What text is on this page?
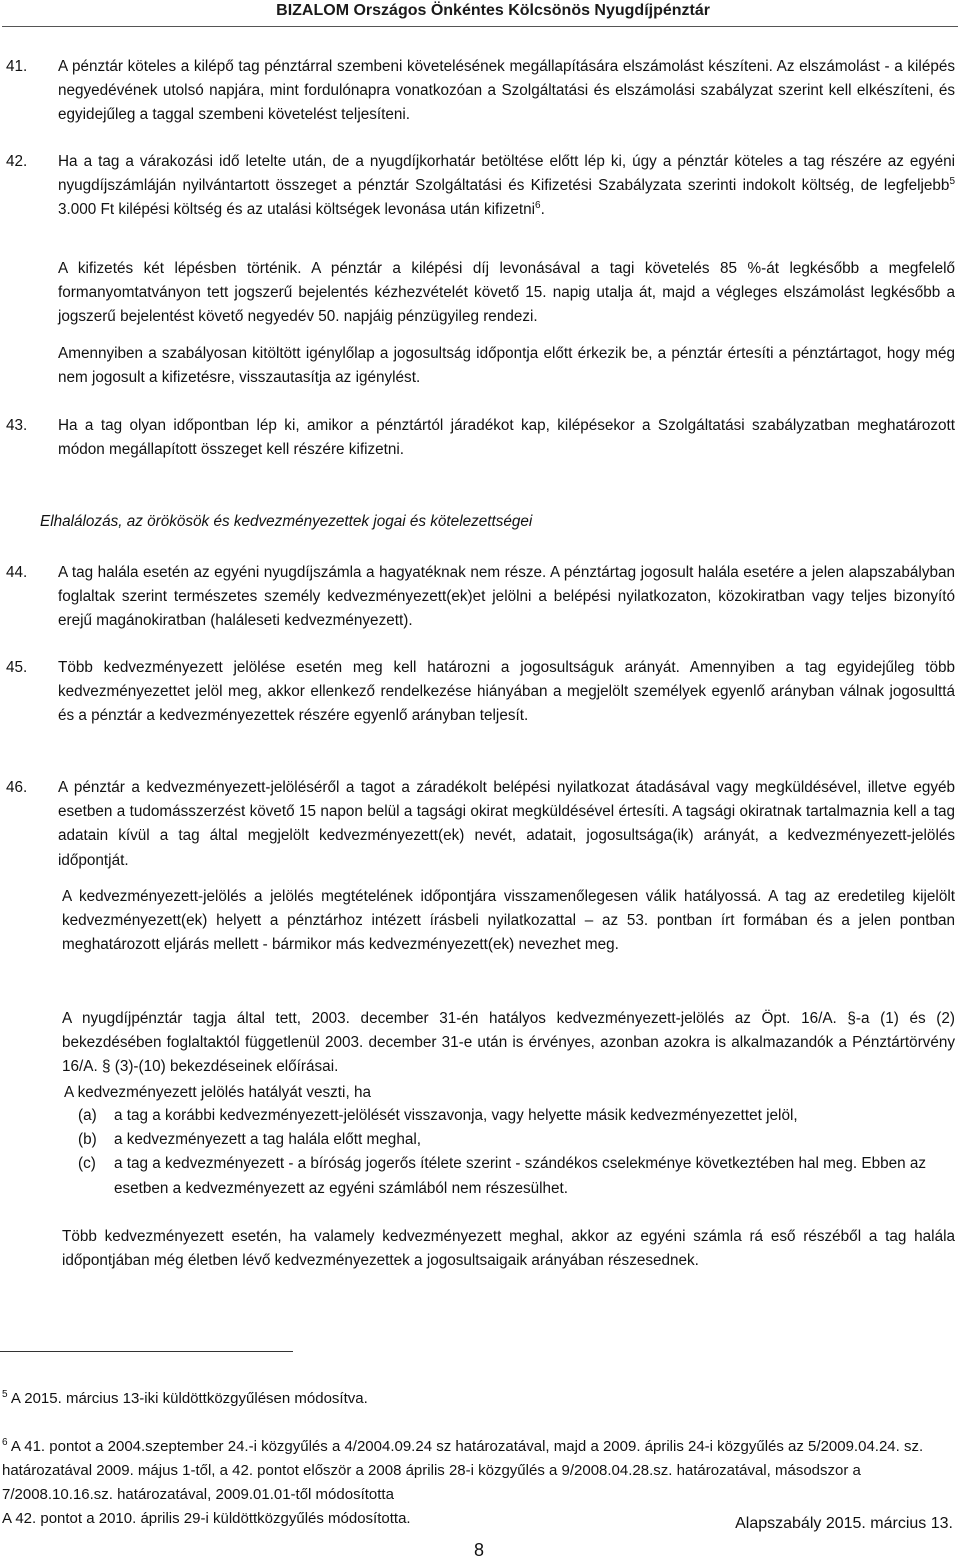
BIZALOM Országos Önkéntes Kölcsönös Nyugdíjpénztár
41. A pénztár köteles a kilépő tag pénztárral szembeni követelésének megállapítására elszámolást készíteni. Az elszámolást - a kilépés negyedévének utolsó napjára, mint fordulónapra vonatkozóan a Szolgáltatási és elszámolási szabályzat szerint kell elkészíteni, és egyidejűleg a taggal szembeni követelést teljesíteni.
42. Ha a tag a várakozási idő letelte után, de a nyugdíjkorhatár betöltése előtt lép ki, úgy a pénztár köteles a tag részére az egyéni nyugdíjszámláján nyilvántartott összeget a pénztár Szolgáltatási és Kifizetési Szabályzata szerinti indokolt költség, de legfeljebb$^5$ 3.000 Ft kilépési költség és az utalási költségek levonása után kifizetni$^6$.

A kifizetés két lépésben történik. A pénztár a kilépési díj levonásával a tagi követelés 85 %-át legkésőbb a megfelelő formanyomtatványon tett jogszerű bejelentés kézhezvételét követő 15. napig utalja át, majd a végleges elszámolást legkésőbb a jogszerű bejelentést követő negyedév 50. napjáig pénzügyileg rendezi.

Amennyiben a szabályosan kitöltött igénylőlap a jogosultság időpontja előtt érkezik be, a pénztár értesíti a pénztártagot, hogy még nem jogosult a kifizetésre, visszautasítja az igénylést.

43. Ha a tag olyan időpontban lép ki, amikor a pénztártól járadékot kap, kilépésekor a Szolgáltatási szabályzatban meghatározott módon megállapított összeget kell részére kifizetni.
Elhalálozás, az örökösök és kedvezményezettek jogai és kötelezettségei
44. A tag halála esetén az egyéni nyugdíjszámla a hagyatéknak nem része. A pénztártag jogosult halála esetére a jelen alapszabályban foglaltak szerint természetes személy kedvezményezett(ek)et jelölni a belépési nyilatkozaton, közokiratban vagy teljes bizonyító erejű magánokiratban (haláleseti kedvezményezett).
45. Több kedvezményezett jelölése esetén meg kell határozni a jogosultságuk arányát. Amennyiben a tag egyidejűleg több kedvezményezettet jelöl meg, akkor ellenkező rendelkezése hiányában a megjelölt személyek egyenlő arányban válnak jogosulttá és a pénztár a kedvezményezettek részére egyenlő arányban teljesít.
46. A pénztár a kedvezményezett-jelöléséről a tagot a záradékolt belépési nyilatkozat átadásával vagy megküldésével, illetve egyéb esetben a tudomásszerzést követő 15 napon belül a tagsági okirat megküldésével értesíti. A tagsági okiratnak tartalmaznia kell a tag adatain kívül a tag által megjelölt kedvezményezett(ek) nevét, adatait, jogosultsága(ik) arányát, a kedvezményezett-jelölés időpontját.

A kedvezményezett-jelölés a jelölés megtételének időpontjára visszamenőlegesen válik hatályossá. A tag az eredetileg kijelölt kedvezményezett(ek) helyett a pénztárhoz intézett írásbeli nyilatkozattal – az 53. pontban írt formában és a jelen pontban meghatározott eljárás mellett - bármikor más kedvezményezett(ek) nevezhet meg.

A nyugdíjpénztár tagja által tett, 2003. december 31-én hatályos kedvezményezett-jelölés az Öpt. 16/A. §-a (1) és (2) bekezdésében foglaltaktól függetlenül 2003. december 31-e után is érvényes, azonban azokra is alkalmazandók a Pénztártörvény 16/A. § (3)-(10) bekezdéseinek előírásai.

A kedvezményezett jelölés hatályát veszti, ha

(a) a tag a korábbi kedvezményezett-jelölését visszavonja, vagy helyette másik kedvezményezettet jelöl,
(b) a kedvezményezett a tag halála előtt meghal,
(c) a tag a kedvezményezett - a bíróság jogerős ítélete szerint - szándékos cselekménye következtében hal meg. Ebben az esetben a kedvezményezett az egyéni számlából nem részesülhet.

Több kedvezményezett esetén, ha valamely kedvezményezett meghal, akkor az egyéni számla rá eső részéből a tag halála időpontjában még életben lévő kedvezményezettek a jogosultsaigaik arányában részesednek.

$^5$ A 2015. március 13-iki küldöttközgyűlésen módosítva.

$^6$ A 41. pontot a 2004.szeptember 24.-i közgyűlés a 4/2004.09.24 sz határozatával, majd a 2009. április 24-i közgyűlés az 5/2009.04.24. sz. határozatával 2009. május 1-től, a 42. pontot először a 2008 április 28-i közgyűlés a 9/2008.04.28.sz. határozatával, másodszor a 7/2008.10.16.sz. határozatával, 2009.01.01-től módosította
A 42. pontot a 2010. április 29-i küldöttközgyűlés módosította.	Alapszabály 2015. március 13.
8
